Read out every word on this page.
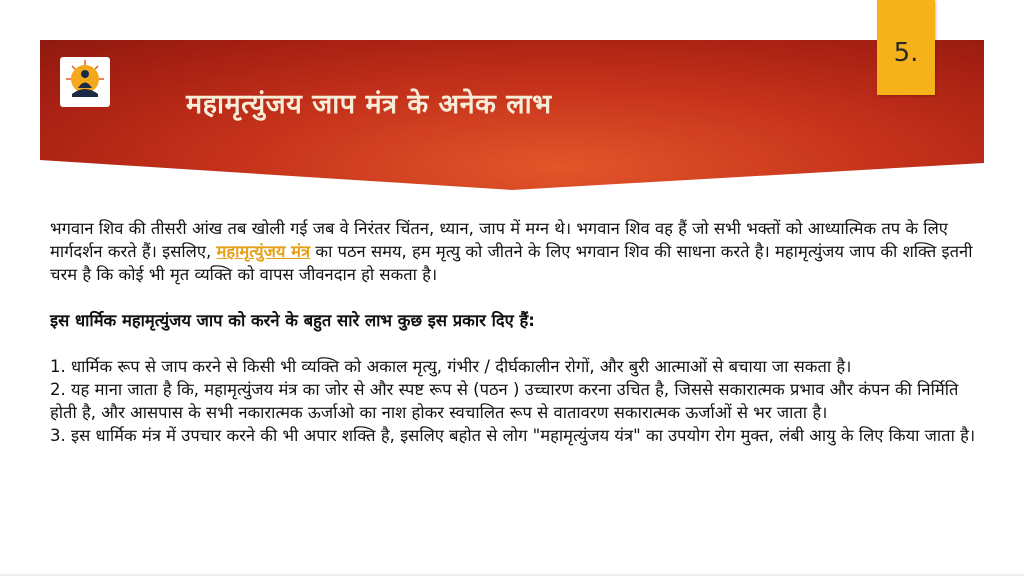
महामृत्युंजय जाप मंत्र के अनेक लाभ
5.

भगवान शिव की तीसरी आंख तब खोली गई जब वे निरंतर चिंतन, ध्यान, जाप में मग्न थे। भगवान शिव वह हैं जो सभी भक्तों को आध्यात्मिक तप के लिए मार्गदर्शन करते हैं। इसलिए, महामृत्युंजय मंत्र का पठन समय, हम मृत्यु को जीतने के लिए भगवान शिव की साधना करते है। महामृत्युंजय जाप की शक्ति इतनी चरम है कि कोई भी मृत व्यक्ति को वापस जीवनदान हो सकता है।

इस धार्मिक महामृत्युंजय जाप को करने के बहुत सारे लाभ कुछ इस प्रकार दिए हैं:

1. धार्मिक रूप से जाप करने से किसी भी व्यक्ति को अकाल मृत्यु, गंभीर / दीर्घकालीन रोगों, और बुरी आत्माओं से बचाया जा सकता है।

2. यह माना जाता है कि, महामृत्युंजय मंत्र का जोर से और स्पष्ट रूप से (पठन ) उच्चारण करना उचित है, जिससे सकारात्मक प्रभाव और कंपन की निर्मिति होती है, और आसपास के सभी नकारात्मक ऊर्जाओ का नाश होकर स्वचालित रूप से वातावरण सकारात्मक ऊर्जाओं से भर जाता है।

3. इस धार्मिक मंत्र में उपचार करने की भी अपार शक्ति है, इसलिए बहोत से लोग "महामृत्युंजय यंत्र" का उपयोग रोग मुक्त, लंबी आयु के लिए किया जाता है।
